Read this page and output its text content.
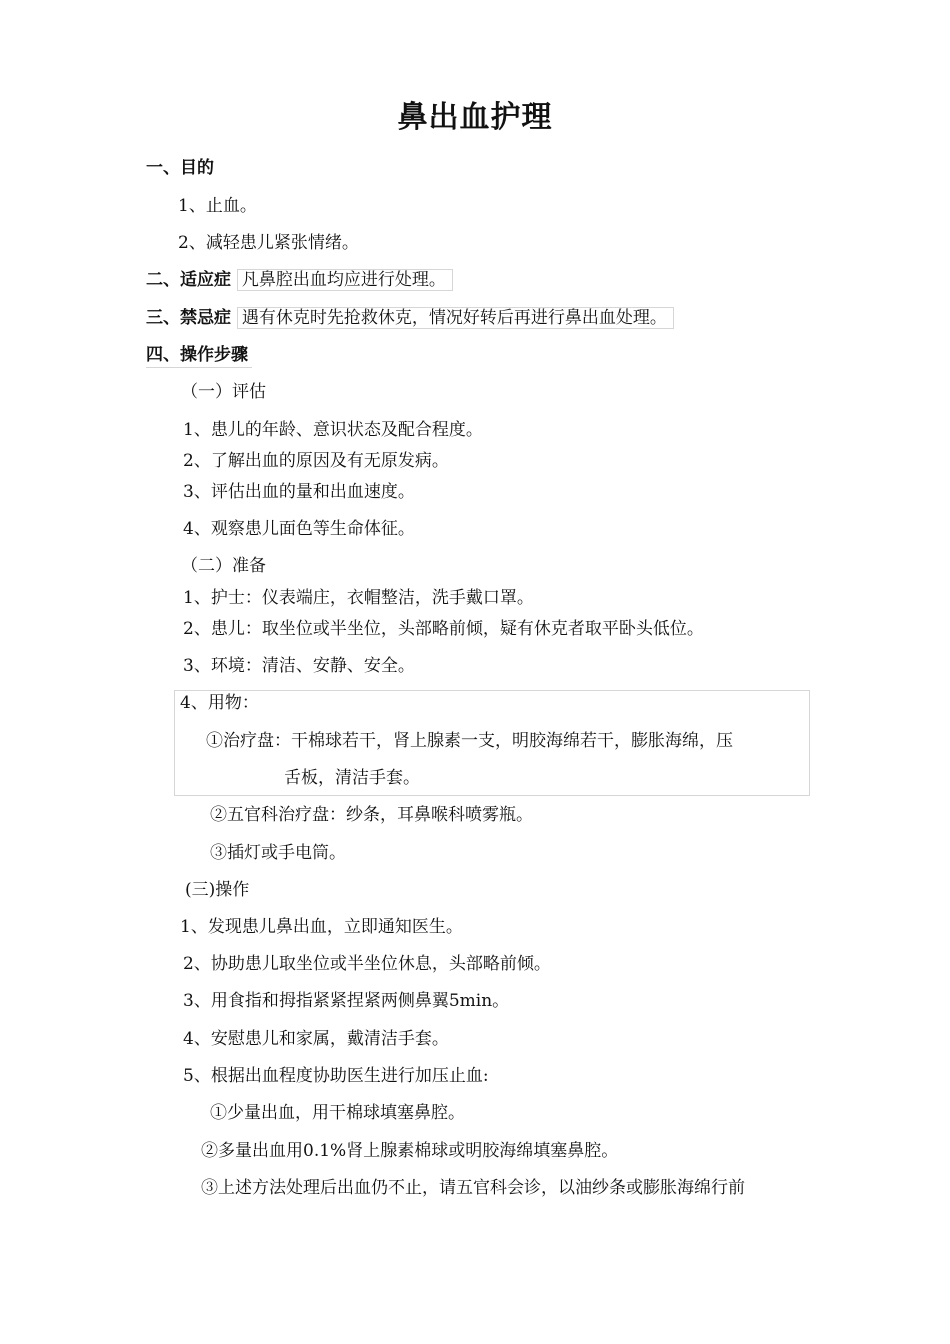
鼻出血护理
一、目的
1、止血。
2、减轻患儿紧张情绪。
二、适应症 凡鼻腔出血均应进行处理。
三、禁忌症 遇有休克时先抢救休克，情况好转后再进行鼻出血处理。
四、操作步骤
（一）评估
1、患儿的年龄、意识状态及配合程度。
2、了解出血的原因及有无原发病。
3、评估出血的量和出血速度。
4、观察患儿面色等生命体征。
（二）准备
1、护士：仪表端庄，衣帽整洁，洗手戴口罩。
2、患儿：取坐位或半坐位，头部略前倾，疑有休克者取平卧头低位。
3、环境：清洁、安静、安全。
4、用物：
①治疗盘：干棉球若干，肾上腺素一支，明胶海绵若干，膨胀海绵，压
舌板，清洁手套。
②五官科治疗盘：纱条，耳鼻喉科喷雾瓶。
③插灯或手电筒。
(三)操作
1、发现患儿鼻出血，立即通知医生。
2、协助患儿取坐位或半坐位休息，头部略前倾。
3、用食指和拇指紧紧捏紧两侧鼻翼5min。
4、安慰患儿和家属，戴清洁手套。
5、根据出血程度协助医生进行加压止血:
①少量出血，用干棉球填塞鼻腔。
②多量出血用0.1%肾上腺素棉球或明胶海绵填塞鼻腔。
③上述方法处理后出血仍不止，请五官科会诊，以油纱条或膨胀海绵行前
